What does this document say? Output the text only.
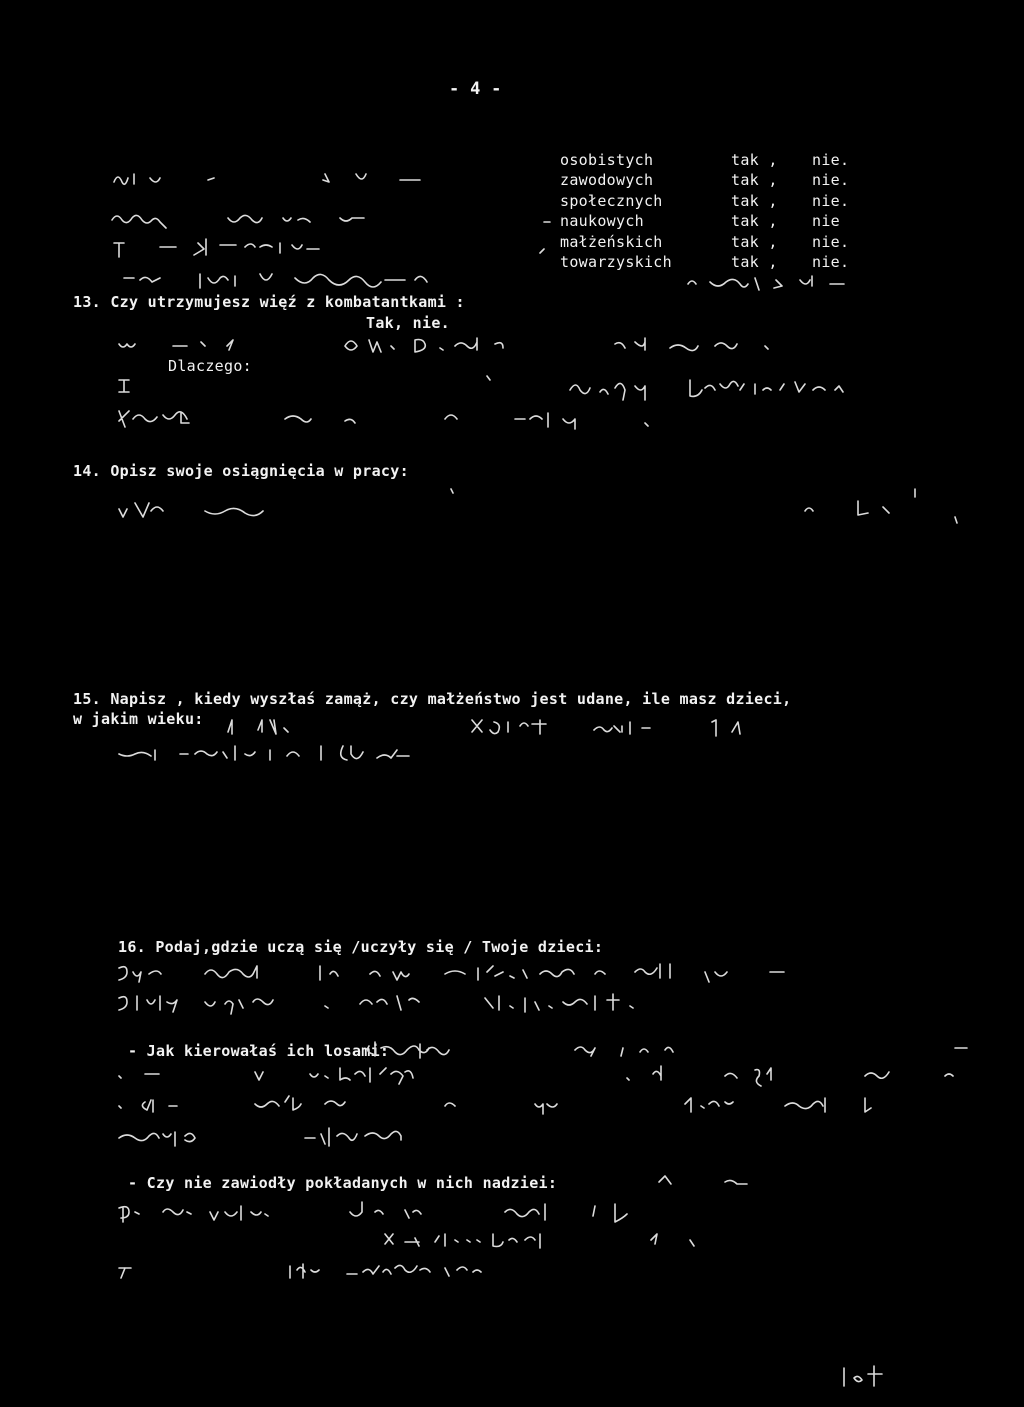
- 4 -
osobistych	tak , nie.
zawodowych	tak , nie.
społecznych	tak , nie.
naukowych	tak , nie
małżeńskich	tak , nie.
towarzyskich	tak , nie.
13. Czy utrzymujesz więź z kombatantkami :
Tak, nie.
Dlaczego:
14. Opisz swoje osiągnięcia w pracy:
15. Napisz , kiedy wyszłaś zamąż, czy małżeństwo jest udane, ile masz dzieci,
w jakim wieku:
16. Podaj,gdzie uczą się /uczyły się / Twoje dzieci:
- Jak kierowałaś ich losami:
- Czy nie zawiodły pokładanych w nich nadziei:
